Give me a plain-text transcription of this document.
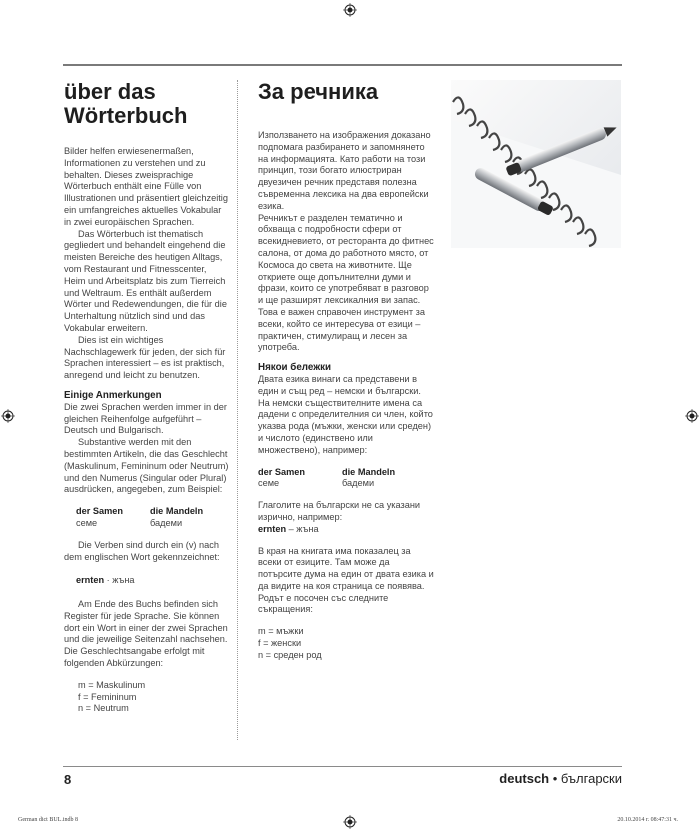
über das
Wörterbuch

Bilder helfen erwiesenermaßen, Informationen zu verstehen und zu behalten. Dieses zweisprachige Wörterbuch enthält eine Fülle von Illustrationen und präsentiert gleichzeitig ein umfangreiches aktuelles Vokabular in zwei europäischen Sprachen.

Das Wörterbuch ist thematisch gegliedert und behandelt eingehend die meisten Bereiche des heutigen Alltags, vom Restaurant und Fitnesscenter, Heim und Arbeitsplatz bis zum Tierreich und Weltraum. Es enthält außerdem Wörter und Redewendungen, die für die Unterhaltung nützlich sind und das Vokabular erweitern.

Dies ist ein wichtiges Nachschlagewerk für jeden, der sich für Sprachen interessiert – es ist praktisch, anregend und leicht zu benutzen.

Einige Anmerkungen

Die zwei Sprachen werden immer in der gleichen Reihenfolge aufgeführt – Deutsch und Bulgarisch.

Substantive werden mit den bestimmten Artikeln, die das Geschlecht (Maskulinum, Femininum oder Neutrum) und den Numerus (Singular oder Plural) ausdrücken, angegeben, zum Beispiel:

der Samen
семе
die Mandeln
бадеми

Die Verben sind durch ein (v) nach dem englischen Wort gekennzeichnet:

ernten · жъна

Am Ende des Buchs befinden sich Register für jede Sprache. Sie können dort ein Wort in einer der zwei Sprachen und die jeweilige Seitenzahl nachsehen.

Die Geschlechtsangabe erfolgt mit folgenden Abkürzungen:

m = Maskulinum

f = Femininum

n = Neutrum

За речника

Използването на изображения доказано подпомага разбирането и запомнянето на информацията. Като работи на този принцип, този богато илюстриран двуезичен речник представя полезна съвременна лексика на два европейски езика.

Речникът е разделен тематично и обхваща с подробности сфери от всекидневието, от ресторанта до фитнес салона, от дома до работното място, от Космоса до света на животните. Ще откриете още допълнителни думи и фрази, които се употребяват в разговор и ще разширят лексикалния ви запас.

Това е важен справочен инструмент за всеки, който се интересува от езици – практичен, стимулиращ и лесен за употреба.

Някои бележки

Двата езика винаги са представени в един и същ ред – немски и български.

На немски съществителните имена са дадени с определителния си член, който указва рода (мъжки, женски или среден) и числото (единствено или множествено), например:

der Samen
семе
die Mandeln
бадеми

Глаголите на български не са указани изрично, например:

ernten – жъна

В края на книгата има показалец за всеки от езиците. Там може да потърсите дума на един от двата езика и да видите на коя страница се появява. Родът е посочен със следните съкращения:

m = мъжки

f = женски

n = среден род

8	deutsch • български
German dict BUL.indb 8	20.10.2014 г. 08:47:31 ч.
